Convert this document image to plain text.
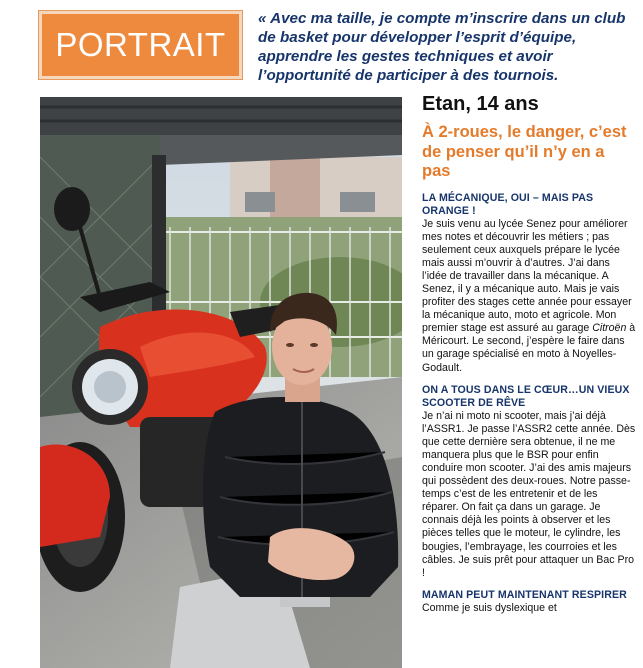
PORTRAIT
« Avec ma taille, je compte m’inscrire dans un club de basket pour développer l’esprit d’équipe, apprendre les gestes techniques et avoir l’opportunité de participer à des tournois.
Etan, 14 ans
À 2-roues, le danger, c’est de penser qu’il n’y en a pas
LA MÉCANIQUE, OUI – MAIS PAS ORANGE !

Je suis venu au lycée Senez pour améliorer mes notes et découvrir les métiers ; pas seulement ceux auxquels prépare le lycée mais aussi m’ouvrir à d’autres. J’ai dans l’idée de travailler dans la mécanique. A Senez, il y a mécanique auto. Mais je vais profiter des stages cette année pour essayer la mécanique auto, moto et agricole. Mon premier stage est assuré au garage Citroën à Méricourt. Le second, j’espère le faire dans un garage spécialisé en moto à Noyelles-Godault.

ON A TOUS DANS LE CŒUR…UN VIEUX SCOOTER DE RÊVE

Je n’ai ni moto ni scooter, mais j’ai déjà l’ASSR1. Je passe l’ASSR2 cette année. Dès que cette dernière sera obtenue, il ne me manquera plus que le BSR pour enfin conduire mon scooter. J’ai des amis majeurs qui possèdent des deux-roues. Notre passe-temps c’est de les entretenir et de les réparer. On fait ça dans un garage. Je connais déjà les points à observer et les pièces telles que le moteur, le cylindre, les bougies, l’embrayage, les courroies et les câbles. Je suis prêt pour attaquer un Bac Pro !

MAMAN PEUT MAINTENANT RESPIRER

Comme je suis dyslexique et
